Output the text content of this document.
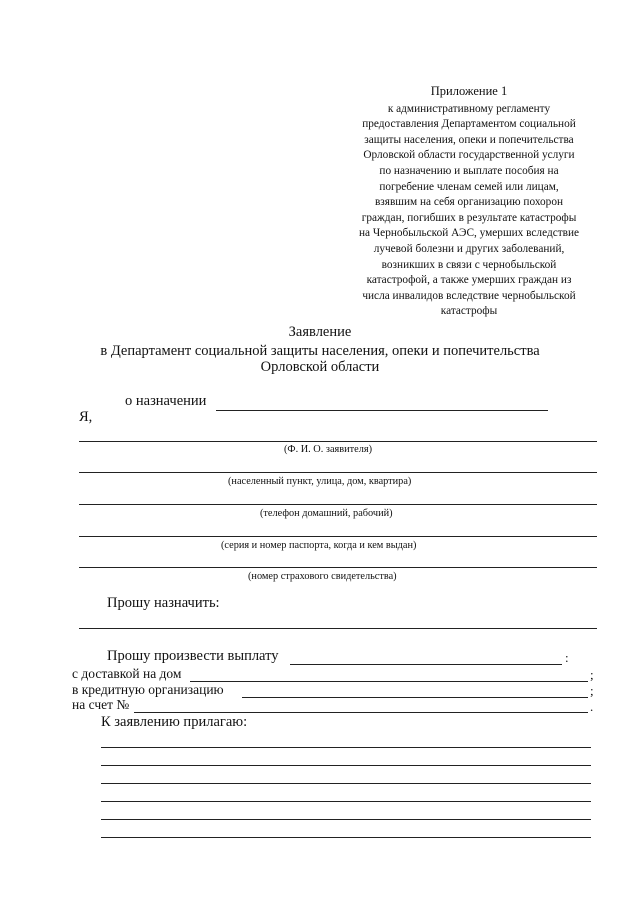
Приложение 1
к административному регламенту
предоставления Департаментом социальной
защиты населения, опеки и попечительства
Орловской области государственной услуги
по назначению и выплате пособия на
погребение членам семей или лицам,
взявшим на себя организацию похорон
граждан, погибших в результате катастрофы
на Чернобыльской АЭС, умерших вследствие
лучевой болезни и других заболеваний,
возникших в связи с чернобыльской
катастрофой, а также умерших граждан из
числа инвалидов вследствие чернобыльской
катастрофы
Заявление
в Департамент социальной защиты населения, опеки и попечительства
Орловской области
о назначении
Я,
(Ф. И. О. заявителя)
(населенный пункт, улица, дом, квартира)
(телефон домашний, рабочий)
(серия и номер паспорта, когда и кем выдан)
(номер страхового свидетельства)
Прошу назначить:
Прошу произвести выплату	:
с доставкой на дом	;
в кредитную организацию	;
на счет №	.
К заявлению прилагаю:
